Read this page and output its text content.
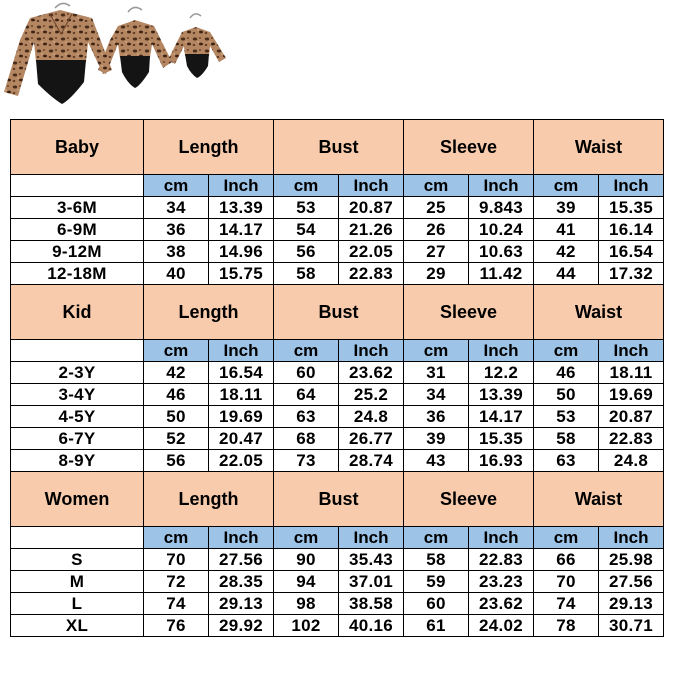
Baby	Length		Bust		Sleeve		Waist	
	cm	Inch	cm	Inch	cm	Inch	cm	Inch
3-6M	34	13.39	53	20.87	25	9.843	39	15.35
6-9M	36	14.17	54	21.26	26	10.24	41	16.14
9-12M	38	14.96	56	22.05	27	10.63	42	16.54
12-18M	40	15.75	58	22.83	29	11.42	44	17.32
Kid	Length		Bust		Sleeve		Waist	
	cm	Inch	cm	Inch	cm	Inch	cm	Inch
2-3Y	42	16.54	60	23.62	31	12.2	46	18.11
3-4Y	46	18.11	64	25.2	34	13.39	50	19.69
4-5Y	50	19.69	63	24.8	36	14.17	53	20.87
6-7Y	52	20.47	68	26.77	39	15.35	58	22.83
8-9Y	56	22.05	73	28.74	43	16.93	63	24.8
Women	Length		Bust		Sleeve		Waist	
	cm	Inch	cm	Inch	cm	Inch	cm	Inch
S	70	27.56	90	35.43	58	22.83	66	25.98
M	72	28.35	94	37.01	59	23.23	70	27.56
L	74	29.13	98	38.58	60	23.62	74	29.13
XL	76	29.92	102	40.16	61	24.02	78	30.71
